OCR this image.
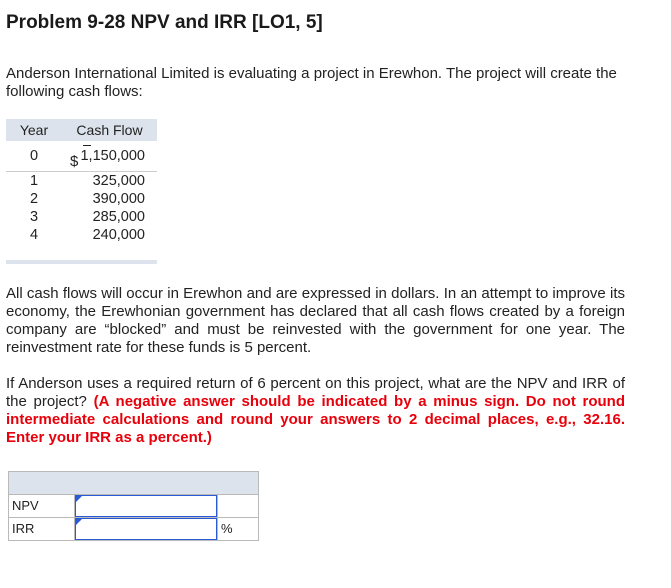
Problem 9-28 NPV and IRR [LO1, 5]
Anderson International Limited is evaluating a project in Erewhon. The project will create the following cash flows:
Year	Cash Flow
0	$ 1,150,000
1	325,000
2	390,000
3	285,000
4	240,000
All cash flows will occur in Erewhon and are expressed in dollars. In an attempt to improve its economy, the Erewhonian government has declared that all cash flows created by a foreign company are “blocked” and must be reinvested with the government for one year. The reinvestment rate for these funds is 5 percent.
If Anderson uses a required return of 6 percent on this project, what are the NPV and IRR of the project? (A negative answer should be indicated by a minus sign. Do not round intermediate calculations and round your answers to 2 decimal places, e.g., 32.16. Enter your IRR as a percent.)
NPV
IRR	%
